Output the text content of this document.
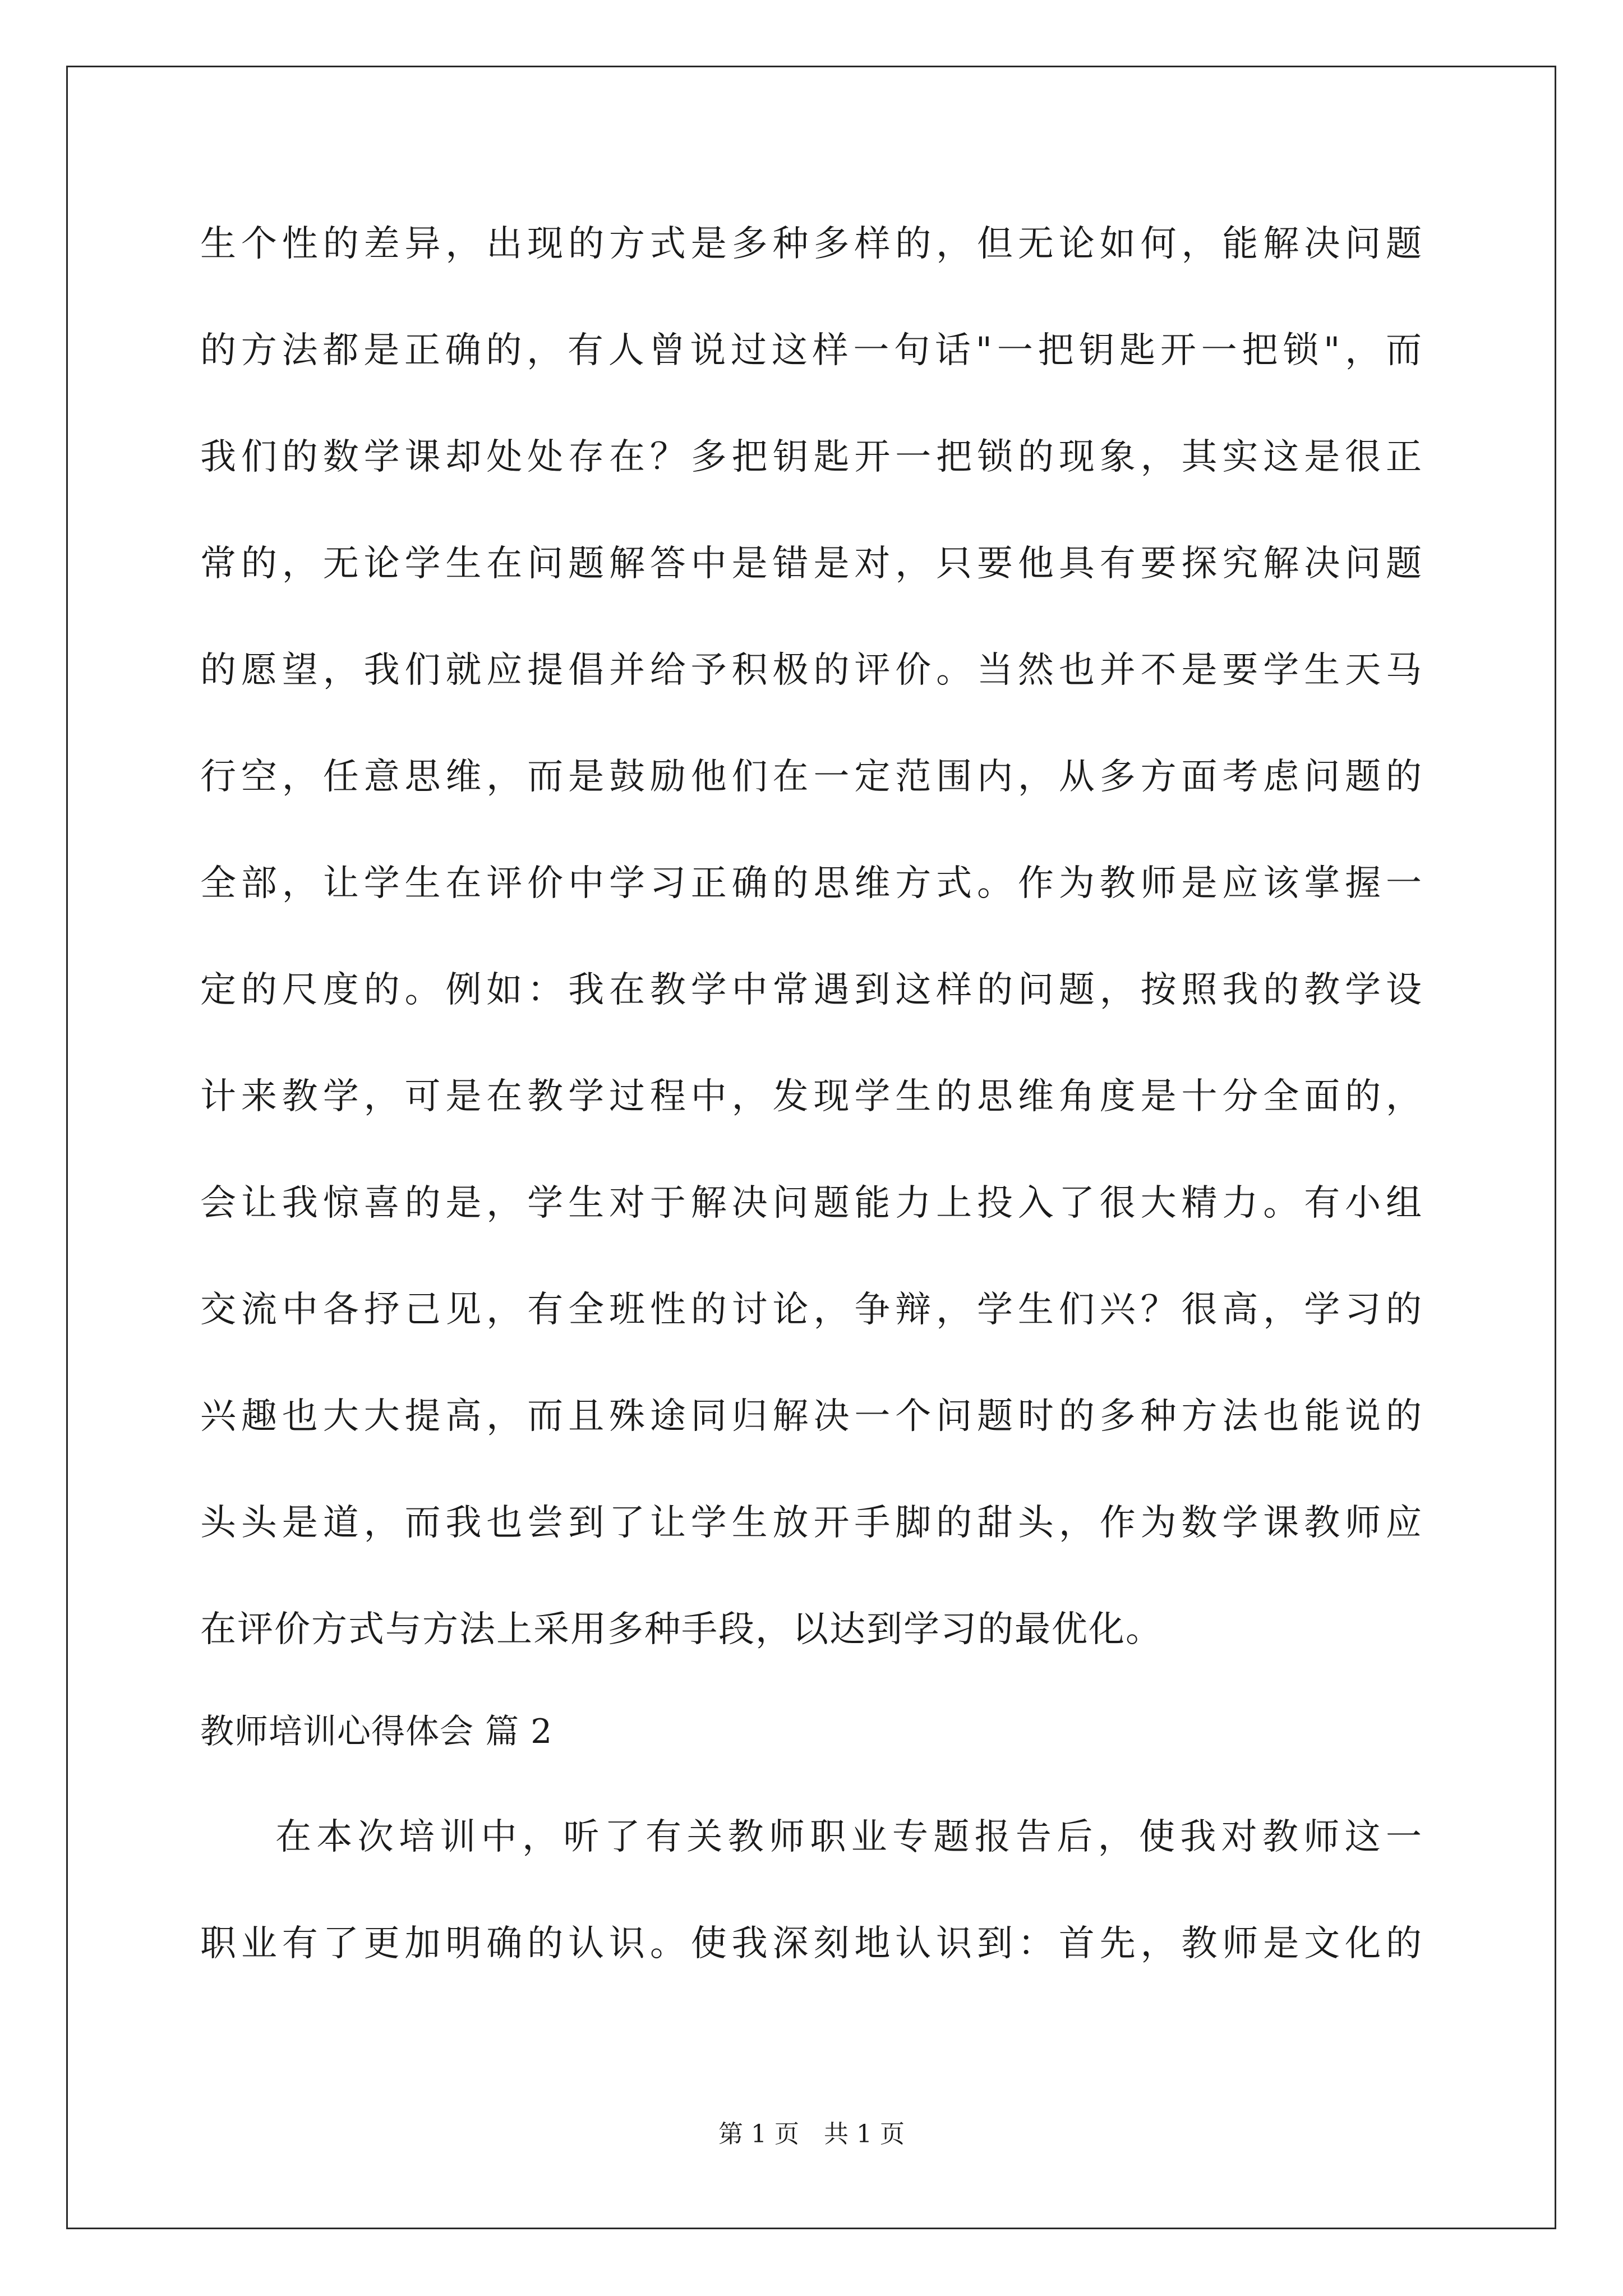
生个性的差异，出现的方式是多种多样的，但无论如何，能解决问题
的方法都是正确的，有人曾说过这样一句话"一把钥匙开一把锁"，而
我们的数学课却处处存在？多把钥匙开一把锁的现象，其实这是很正
常的，无论学生在问题解答中是错是对，只要他具有要探究解决问题
的愿望，我们就应提倡并给予积极的评价。当然也并不是要学生天马
行空，任意思维，而是鼓励他们在一定范围内，从多方面考虑问题的
全部，让学生在评价中学习正确的思维方式。作为教师是应该掌握一
定的尺度的。例如：我在教学中常遇到这样的问题，按照我的教学设
计来教学，可是在教学过程中，发现学生的思维角度是十分全面的，
会让我惊喜的是，学生对于解决问题能力上投入了很大精力。有小组
交流中各抒己见，有全班性的讨论，争辩，学生们兴？很高，学习的
兴趣也大大提高，而且殊途同归解决一个问题时的多种方法也能说的
头头是道，而我也尝到了让学生放开手脚的甜头，作为数学课教师应
在评价方式与方法上采用多种手段，以达到学习的最优化。
教师培训心得体会 篇 2
在本次培训中，听了有关教师职业专题报告后，使我对教师这一
职业有了更加明确的认识。使我深刻地认识到：首先，教师是文化的
第 1 页　共 1 页
